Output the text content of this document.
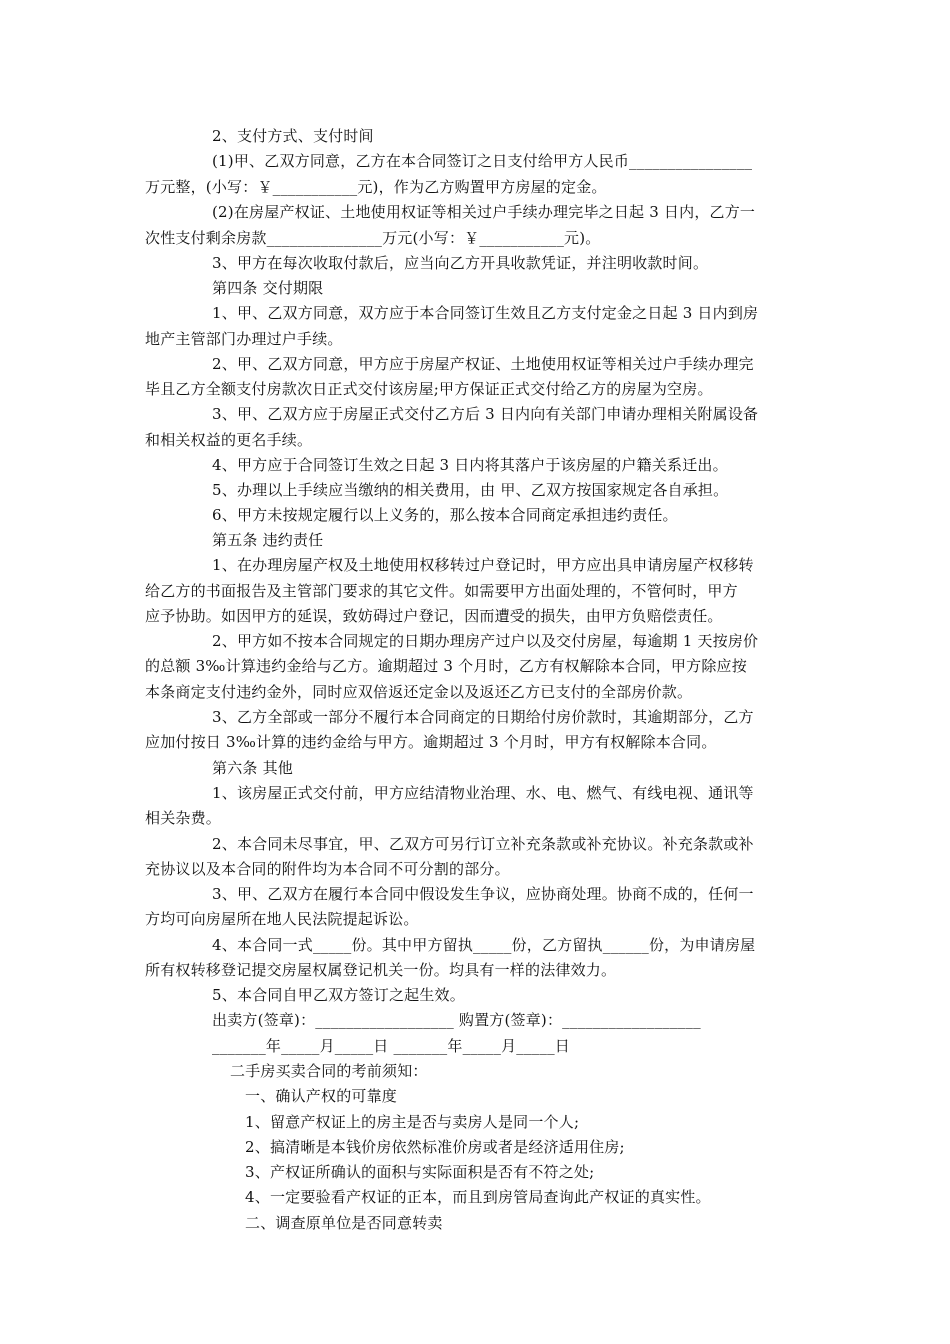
2、支付方式、支付时间

(1)甲、乙双方同意，乙方在本合同签订之日支付给甲方人民币________________

万元整，(小写：￥___________元)，作为乙方购置甲方房屋的定金。

(2)在房屋产权证、土地使用权证等相关过户手续办理完毕之日起 3 日内，乙方一

次性支付剩余房款_______________万元(小写：￥___________元)。

3、甲方在每次收取付款后，应当向乙方开具收款凭证，并注明收款时间。

第四条 交付期限

1、甲、乙双方同意，双方应于本合同签订生效且乙方支付定金之日起 3 日内到房

地产主管部门办理过户手续。

2、甲、乙双方同意，甲方应于房屋产权证、土地使用权证等相关过户手续办理完

毕且乙方全额支付房款次日正式交付该房屋;甲方保证正式交付给乙方的房屋为空房。

3、甲、乙双方应于房屋正式交付乙方后 3 日内向有关部门申请办理相关附属设备

和相关权益的更名手续。

4、甲方应于合同签订生效之日起 3 日内将其落户于该房屋的户籍关系迁出。

5、办理以上手续应当缴纳的相关费用，由 甲、乙双方按国家规定各自承担。

6、甲方未按规定履行以上义务的，那么按本合同商定承担违约责任。

第五条 违约责任

1、在办理房屋产权及土地使用权移转过户登记时，甲方应出具申请房屋产权移转

给乙方的书面报告及主管部门要求的其它文件。如需要甲方出面处理的，不管何时，甲方

应予协助。如因甲方的延误，致妨碍过户登记，因而遭受的损失，由甲方负赔偿责任。

2、甲方如不按本合同规定的日期办理房产过户以及交付房屋，每逾期 1 天按房价

的总额 3‰计算违约金给与乙方。逾期超过 3 个月时，乙方有权解除本合同，甲方除应按

本条商定支付违约金外，同时应双倍返还定金以及返还乙方已支付的全部房价款。

3、乙方全部或一部分不履行本合同商定的日期给付房价款时，其逾期部分，乙方

应加付按日 3‰计算的违约金给与甲方。逾期超过 3 个月时，甲方有权解除本合同。

第六条 其他

1、该房屋正式交付前，甲方应结清物业治理、水、电、燃气、有线电视、通讯等

相关杂费。

2、本合同未尽事宜，甲、乙双方可另行订立补充条款或补充协议。补充条款或补

充协议以及本合同的附件均为本合同不可分割的部分。

3、甲、乙双方在履行本合同中假设发生争议，应协商处理。协商不成的，任何一

方均可向房屋所在地人民法院提起诉讼。

4、本合同一式_____份。其中甲方留执_____份，乙方留执______份，为申请房屋

所有权转移登记提交房屋权属登记机关一份。均具有一样的法律效力。

5、本合同自甲乙双方签订之起生效。

出卖方(签章)：__________________ 购置方(签章)：__________________

_______年_____月_____日 _______年_____月_____日

二手房买卖合同的考前须知：

一、确认产权的可靠度

1、留意产权证上的房主是否与卖房人是同一个人;

2、搞清晰是本钱价房依然标准价房或者是经济适用住房;

3、产权证所确认的面积与实际面积是否有不符之处;

4、一定要验看产权证的正本，而且到房管局查询此产权证的真实性。

二、调查原单位是否同意转卖
